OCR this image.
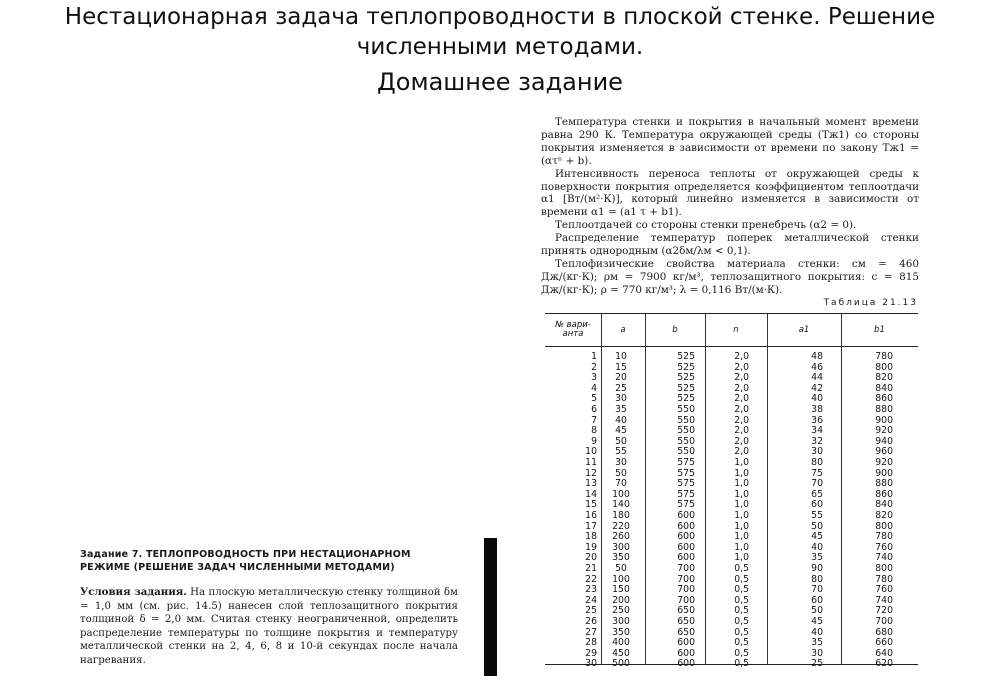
Нестационарная задача теплопроводности в плоской стенке. Решение
численными методами.
Домашнее задание

Задание 7. ТЕПЛОПРОВОДНОСТЬ ПРИ НЕСТАЦИОНАРНОМ РЕЖИМЕ (РЕШЕНИЕ ЗАДАЧ ЧИСЛЕННЫМИ МЕТОДАМИ)

Условия задания. На плоскую металлическую стенку толщиной δм = 1,0 мм (см. рис. 14.5) нанесен слой теплозащитного покрытия толщиной δ = 2,0 мм. Считая стенку неограниченной, определить распределение температуры по толщине покрытия и температуру металлической стенки на 2, 4, 6, 8 и 10-й секундах после начала нагревания.

Температура стенки и покрытия в начальный момент времени равна 290 К. Температура окружающей среды (Tж1) со стороны покрытия изменяется в зависимости от времени по закону Tж1 = (ατⁿ + b).

Интенсивность переноса теплоты от окружающей среды к поверхности покрытия определяется коэффициентом теплоотдачи α1 [Вт/(м²·К)], который линейно изменяется в зависимости от времени α1 = (a1 τ + b1).

Теплоотдачей со стороны стенки пренебречь (α2 = 0).

Распределение температур поперек металлической стенки принять однородным (α2δм/λм < 0,1).

Теплофизические свойства материала стенки: cм = 460 Дж/(кг·К); ρм = 7900 кг/м³, теплозащитного покрытия: c = 815 Дж/(кг·К); ρ = 770 кг/м³; λ = 0,116 Вт/(м·К).

Таблица 21.13
№ вари-анта	a	b	n	a1	b1
1	10	525	2,0	48	780
2	15	525	2,0	46	800
3	20	525	2,0	44	820
4	25	525	2,0	42	840
5	30	525	2,0	40	860
6	35	550	2,0	38	880
7	40	550	2,0	36	900
8	45	550	2,0	34	920
9	50	550	2,0	32	940
10	55	550	2,0	30	960
11	30	575	1,0	80	920
12	50	575	1,0	75	900
13	70	575	1,0	70	880
14	100	575	1,0	65	860
15	140	575	1,0	60	840
16	180	600	1,0	55	820
17	220	600	1,0	50	800
18	260	600	1,0	45	780
19	300	600	1,0	40	760
20	350	600	1,0	35	740
21	50	700	0,5	90	800
22	100	700	0,5	80	780
23	150	700	0,5	70	760
24	200	700	0,5	60	740
25	250	650	0,5	50	720
26	300	650	0,5	45	700
27	350	650	0,5	40	680
28	400	600	0,5	35	660
29	450	600	0,5	30	640
30	500	600	0,5	25	620
